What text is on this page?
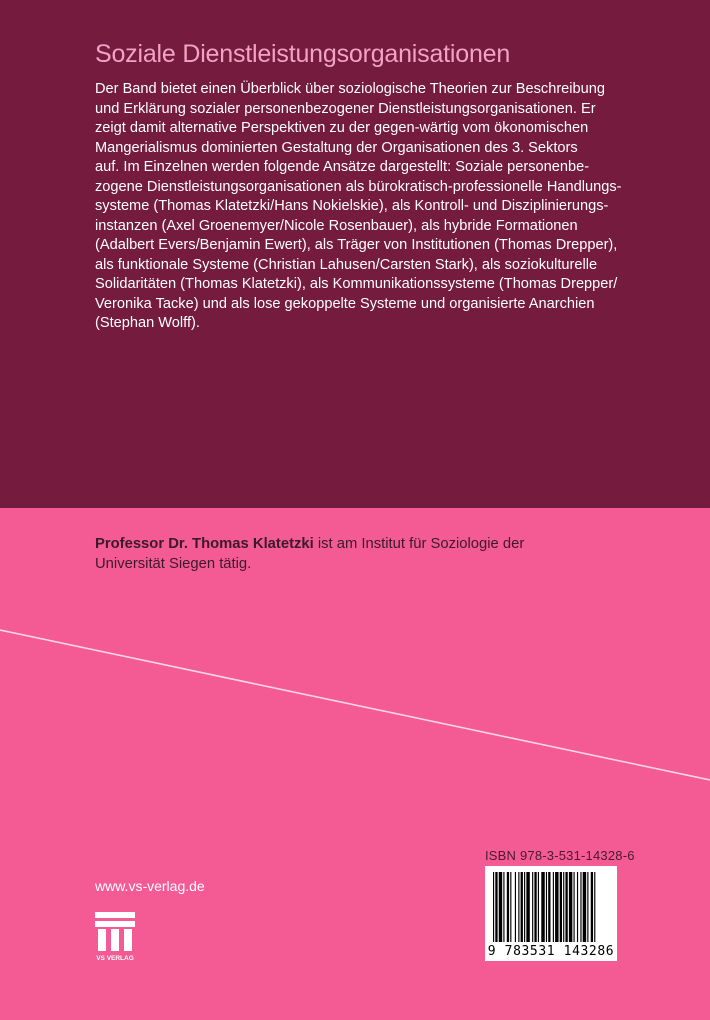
Soziale Dienstleistungsorganisationen
Der Band bietet einen Überblick über soziologische Theorien zur Beschreibung
und Erklärung sozialer personenbezogener Dienstleistungsorganisationen. Er
zeigt damit alternative Perspektiven zu der gegen-wärtig vom ökonomischen
Mangerialismus dominierten Gestaltung der Organisationen des 3. Sektors
auf. Im Einzelnen werden folgende Ansätze dargestellt: Soziale personenbe-
zogene Dienstleistungsorganisationen als bürokratisch-professionelle Handlungs-
systeme (Thomas Klatetzki/Hans Nokielskie), als Kontroll- und Disziplinierungs-
instanzen (Axel Groenemyer/Nicole Rosenbauer), als hybride Formationen
(Adalbert Evers/Benjamin Ewert), als Träger von Institutionen (Thomas Drepper),
als funktionale Systeme (Christian Lahusen/Carsten Stark), als soziokulturelle
Solidaritäten (Thomas Klatetzki), als Kommunikationssysteme (Thomas Drepper/
Veronika Tacke) und als lose gekoppelte Systeme und organisierte Anarchien
(Stephan Wolff).
Professor Dr. Thomas Klatetzki ist am Institut für Soziologie der
Universität Siegen tätig.

www.vs-verlag.de

VS VERLAG

ISBN 978-3-531-14328-6

9 783531 143286
